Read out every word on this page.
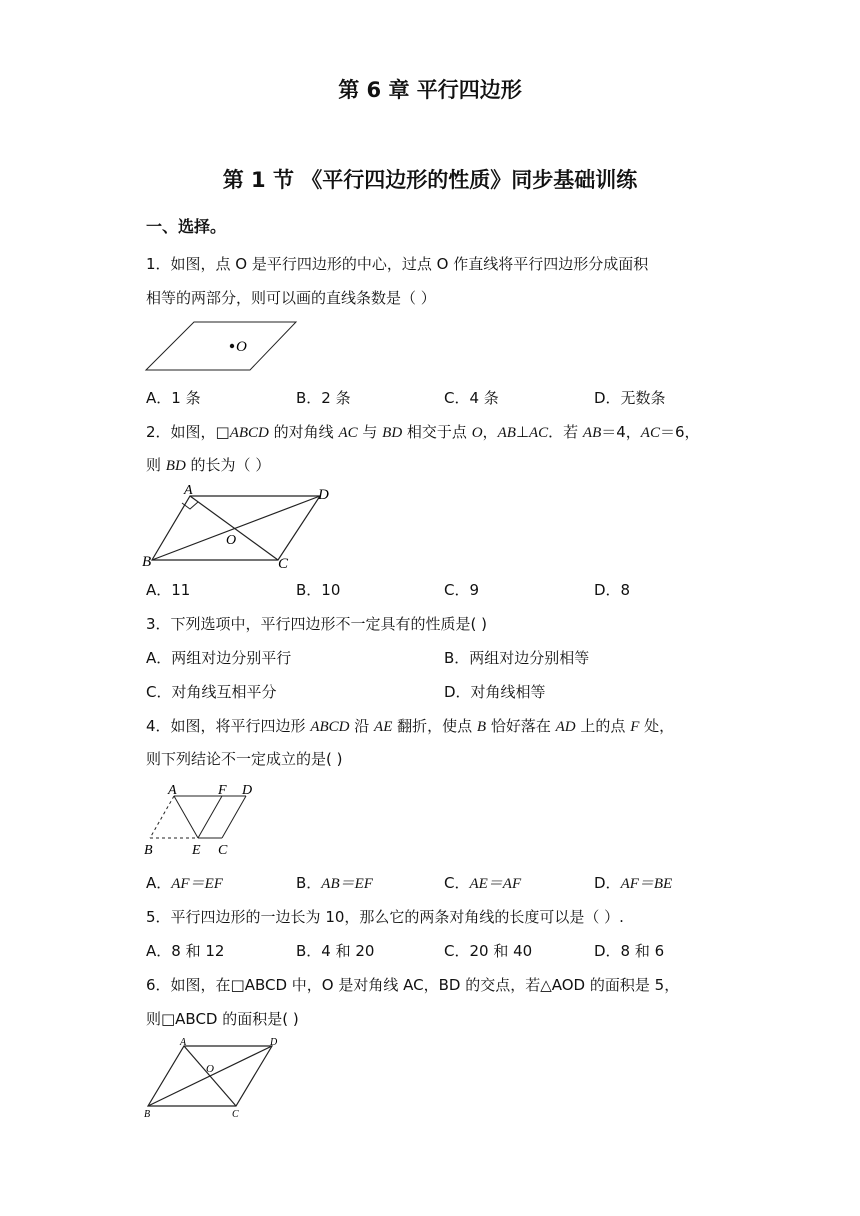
第 6 章 平行四边形
第 1 节 《平行四边形的性质》同步基础训练
一、选择。
1．如图，点 O 是平行四边形的中心，过点 O 作直线将平行四边形分成面积
相等的两部分，则可以画的直线条数是（ ）
O
A．1 条	B．2 条	C．4 条	D．无数条
2．如图，□ABCD 的对角线 AC 与 BD 相交于点 O，AB⊥AC．若 AB＝4，AC＝6，
则 BD 的长为（ ）
A	D
O
B	C
A．11	B．10	C．9	D．8
3．下列选项中，平行四边形不一定具有的性质是( )
A．两组对边分别平行	B．两组对边分别相等
C．对角线互相平分	D．对角线相等
4．如图，将平行四边形 ABCD 沿 AE 翻折，使点 B 恰好落在 AD 上的点 F 处，
则下列结论不一定成立的是( )
A	F D
B	E C
A．AF＝EF	B．AB＝EF	C．AE＝AF	D．AF＝BE
5．平行四边形的一边长为 10，那么它的两条对角线的长度可以是（ ）.
A．8 和 12	B．4 和 20	C．20 和 40	D．8 和 6
6．如图，在□ABCD 中，O 是对角线 AC，BD 的交点，若△AOD 的面积是 5，
则□ABCD 的面积是( )
A	D
O
B	C
